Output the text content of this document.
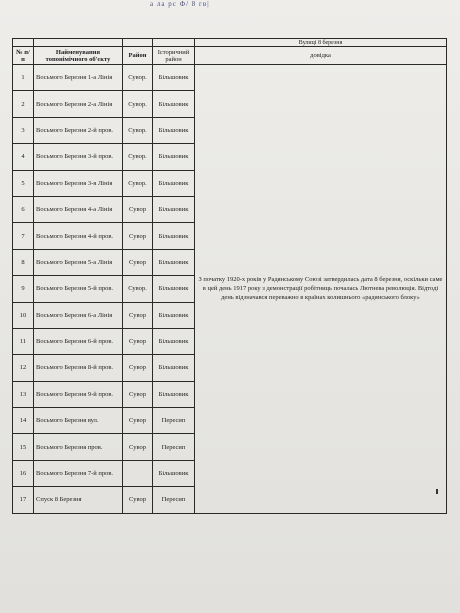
а ла рс Ф/ 8 гв|
				Вулиці 8 березня
№ п/п	Найменування топонімічного об'єкту	Район	Історичний район	довідка
1	Восьмого Березня 1-а Лінія	Сувор.	Більшовик	З початку 1920-х років у Радянському Союзі затвердилась дата 8 березня, оскільки саме в цей день 1917 року з демонстрації робітниць почалась Лютнева революція. Відтоді день відзначався переважно в країнах колишнього «радянського блоку»
2	Восьмого Березня 2-а Лінія	Сувор.	Більшовик	
3	Восьмого Березня 2-й пров.	Сувор.	Більшовик	
4	Восьмого Березня 3-й пров.	Сувор.	Більшовик	
5	Восьмого Березня 3-я Лінія	Сувор.	Більшовик	
6	Восьмого Березня 4-а Лінія	Сувор	Більшовик	
7	Восьмого Березня 4-й пров.	Сувор	Більшовик	
8	Восьмого Березня 5-а Лінія	Сувор	Більшовик	
9	Восьмого Березня 5-й пров.	Сувор.	Більшовик	
10	Восьмого Березня 6-а Лінія	Сувор	Більшовик	
11	Восьмого Березня 6-й пров.	Сувор	Більшовик	
12	Восьмого Березня 8-й пров.	Сувор	Більшовик	
13	Восьмого Березня 9-й пров.	Сувор	Більшовик	
14	Восьмого Березня вул.	Сувор	Пересип	
15	Восьмого Березня пров.	Сувор	Пересип	
16	Восьмого Березня 7-й пров.		Більшовик	
17	Спуск 8 Березня	Сувор	Пересип	
